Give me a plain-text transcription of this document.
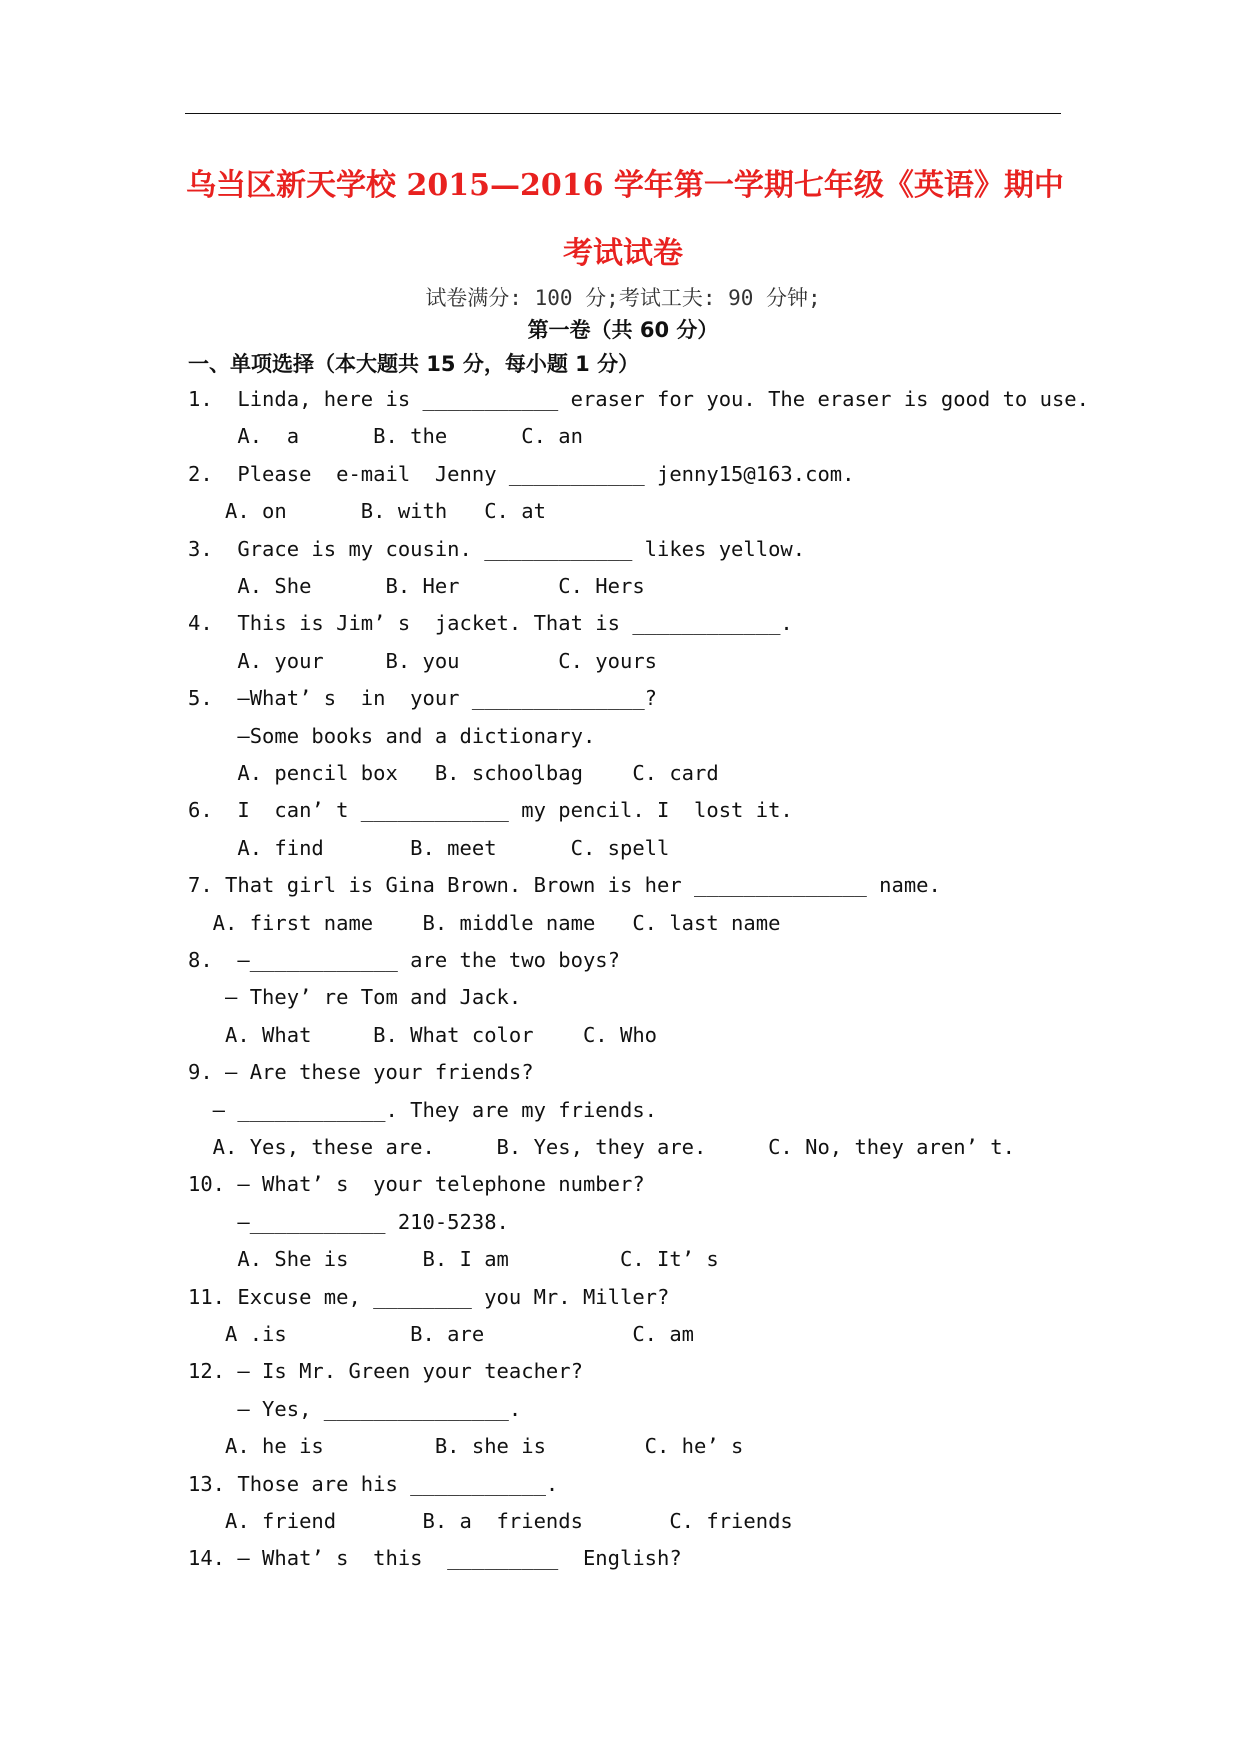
乌当区新天学校 2015—2016 学年第一学期七年级《英语》期中
考试试卷
试卷满分: 100 分;考试工夫: 90 分钟;
第一卷（共 60 分）
一、单项选择（本大题共 15 分，每小题 1 分）
1.  Linda, here is ___________ eraser for you. The eraser is good to use.
A.  a      B. the      C. an
2.  Please  e-mail  Jenny ___________ jenny15@163.com.
A. on      B. with   C. at
3.  Grace is my cousin. ____________ likes yellow.
A. She      B. Her        C. Hers
4.  This is Jim’ s  jacket. That is ____________.
A. your     B. you        C. yours
5.  —What’ s  in  your ______________?
—Some books and a dictionary.
A. pencil box   B. schoolbag    C. card
6.  I  can’ t ____________ my pencil. I  lost it.
A. find       B. meet      C. spell
7. That girl is Gina Brown. Brown is her ______________ name.
A. first name    B. middle name   C. last name
8.  —____________ are the two boys?
— They’ re Tom and Jack.
A. What     B. What color    C. Who
9. — Are these your friends?
— ____________. They are my friends.
A. Yes, these are.     B. Yes, they are.     C. No, they aren’ t.
10. — What’ s  your telephone number?
—___________ 210-5238.
A. She is      B. I am         C. It’ s
11. Excuse me, ________ you Mr. Miller?
A .is          B. are            C. am
12. — Is Mr. Green your teacher?
— Yes, _______________.
A. he is         B. she is        C. he’ s
13. Those are his ___________.
A. friend       B. a  friends       C. friends
14. — What’ s  this  _________  English?
